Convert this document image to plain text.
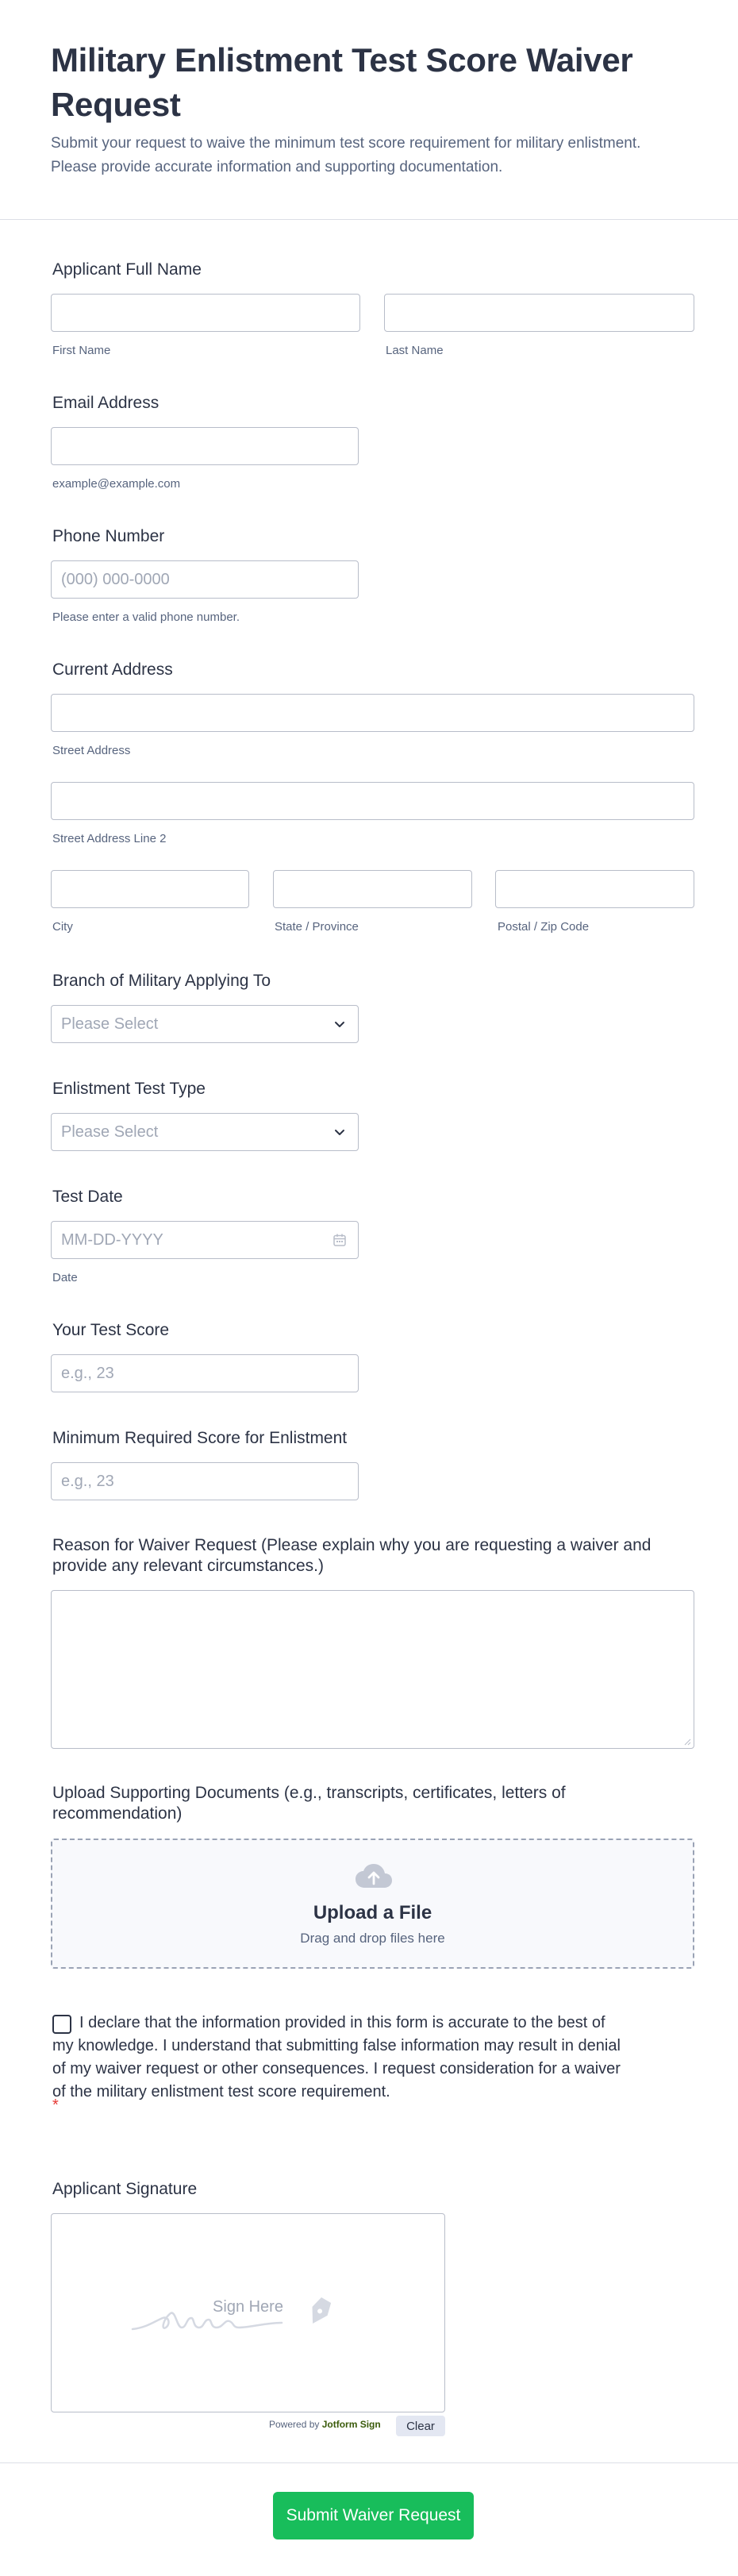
Military Enlistment Test Score Waiver Request
Submit your request to waive the minimum test score requirement for military enlistment. Please provide accurate information and supporting documentation.
Applicant Full Name
First Name	Last Name
Email Address
example@example.com
Phone Number
(000) 000-0000
Please enter a valid phone number.
Current Address
Street Address
Street Address Line 2
City	State / Province	Postal / Zip Code
Branch of Military Applying To
Please Select
Enlistment Test Type
Please Select
Test Date
MM-DD-YYYY
Date
Your Test Score
e.g., 23
Minimum Required Score for Enlistment
e.g., 23
Reason for Waiver Request (Please explain why you are requesting a waiver and provide any relevant circumstances.)
Upload Supporting Documents (e.g., transcripts, certificates, letters of recommendation)
Upload a File
Drag and drop files here
I declare that the information provided in this form is accurate to the best of my knowledge. I understand that submitting false information may result in denial of my waiver request or other consequences. I request consideration for a waiver of the military enlistment test score requirement.
*
Applicant Signature
Sign Here
Powered by Jotform Sign	Clear
Submit Waiver Request
